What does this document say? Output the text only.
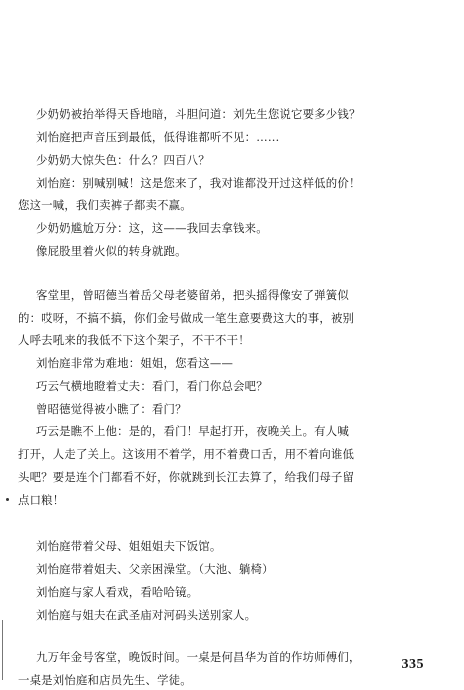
少奶奶被抬举得天昏地暗，斗胆问道：刘先生您说它要多少钱？
刘怡庭把声音压到最低，低得谁都听不见：……
少奶奶大惊失色：什么？四百八？
刘怡庭：别喊别喊！这是您来了，我对谁都没开过这样低的价！
您这一喊，我们卖裤子都卖不赢。
少奶奶尴尬万分：这，这——我回去拿钱来。
像屁股里着火似的转身就跑。
客堂里，曾昭德当着岳父母老婆留弟，把头摇得像安了弹簧似
的：哎呀，不搞不搞，你们金号做成一笔生意要费这大的事，被别
人呼去吼来的我低不下这个架子，不干不干！
刘怡庭非常为难地：姐姐，您看这——
巧云气横地瞪着丈夫：看门，看门你总会吧？
曾昭德觉得被小瞧了：看门？
巧云是瞧不上他：是的，看门！早起打开，夜晚关上。有人喊
打开，人走了关上。这该用不着学，用不着费口舌，用不着向谁低
头吧？要是连个门都看不好，你就跳到长江去算了，给我们母子留
点口粮！
刘怡庭带着父母、姐姐姐夫下饭馆。
刘怡庭带着姐夫、父亲困澡堂。（大池、躺椅）
刘怡庭与家人看戏，看哈哈镜。
刘怡庭与姐夫在武圣庙对河码头送别家人。
九万年金号客堂，晚饭时间。一桌是何昌华为首的作坊师傅们，
一桌是刘怡庭和店员先生、学徒。
335
